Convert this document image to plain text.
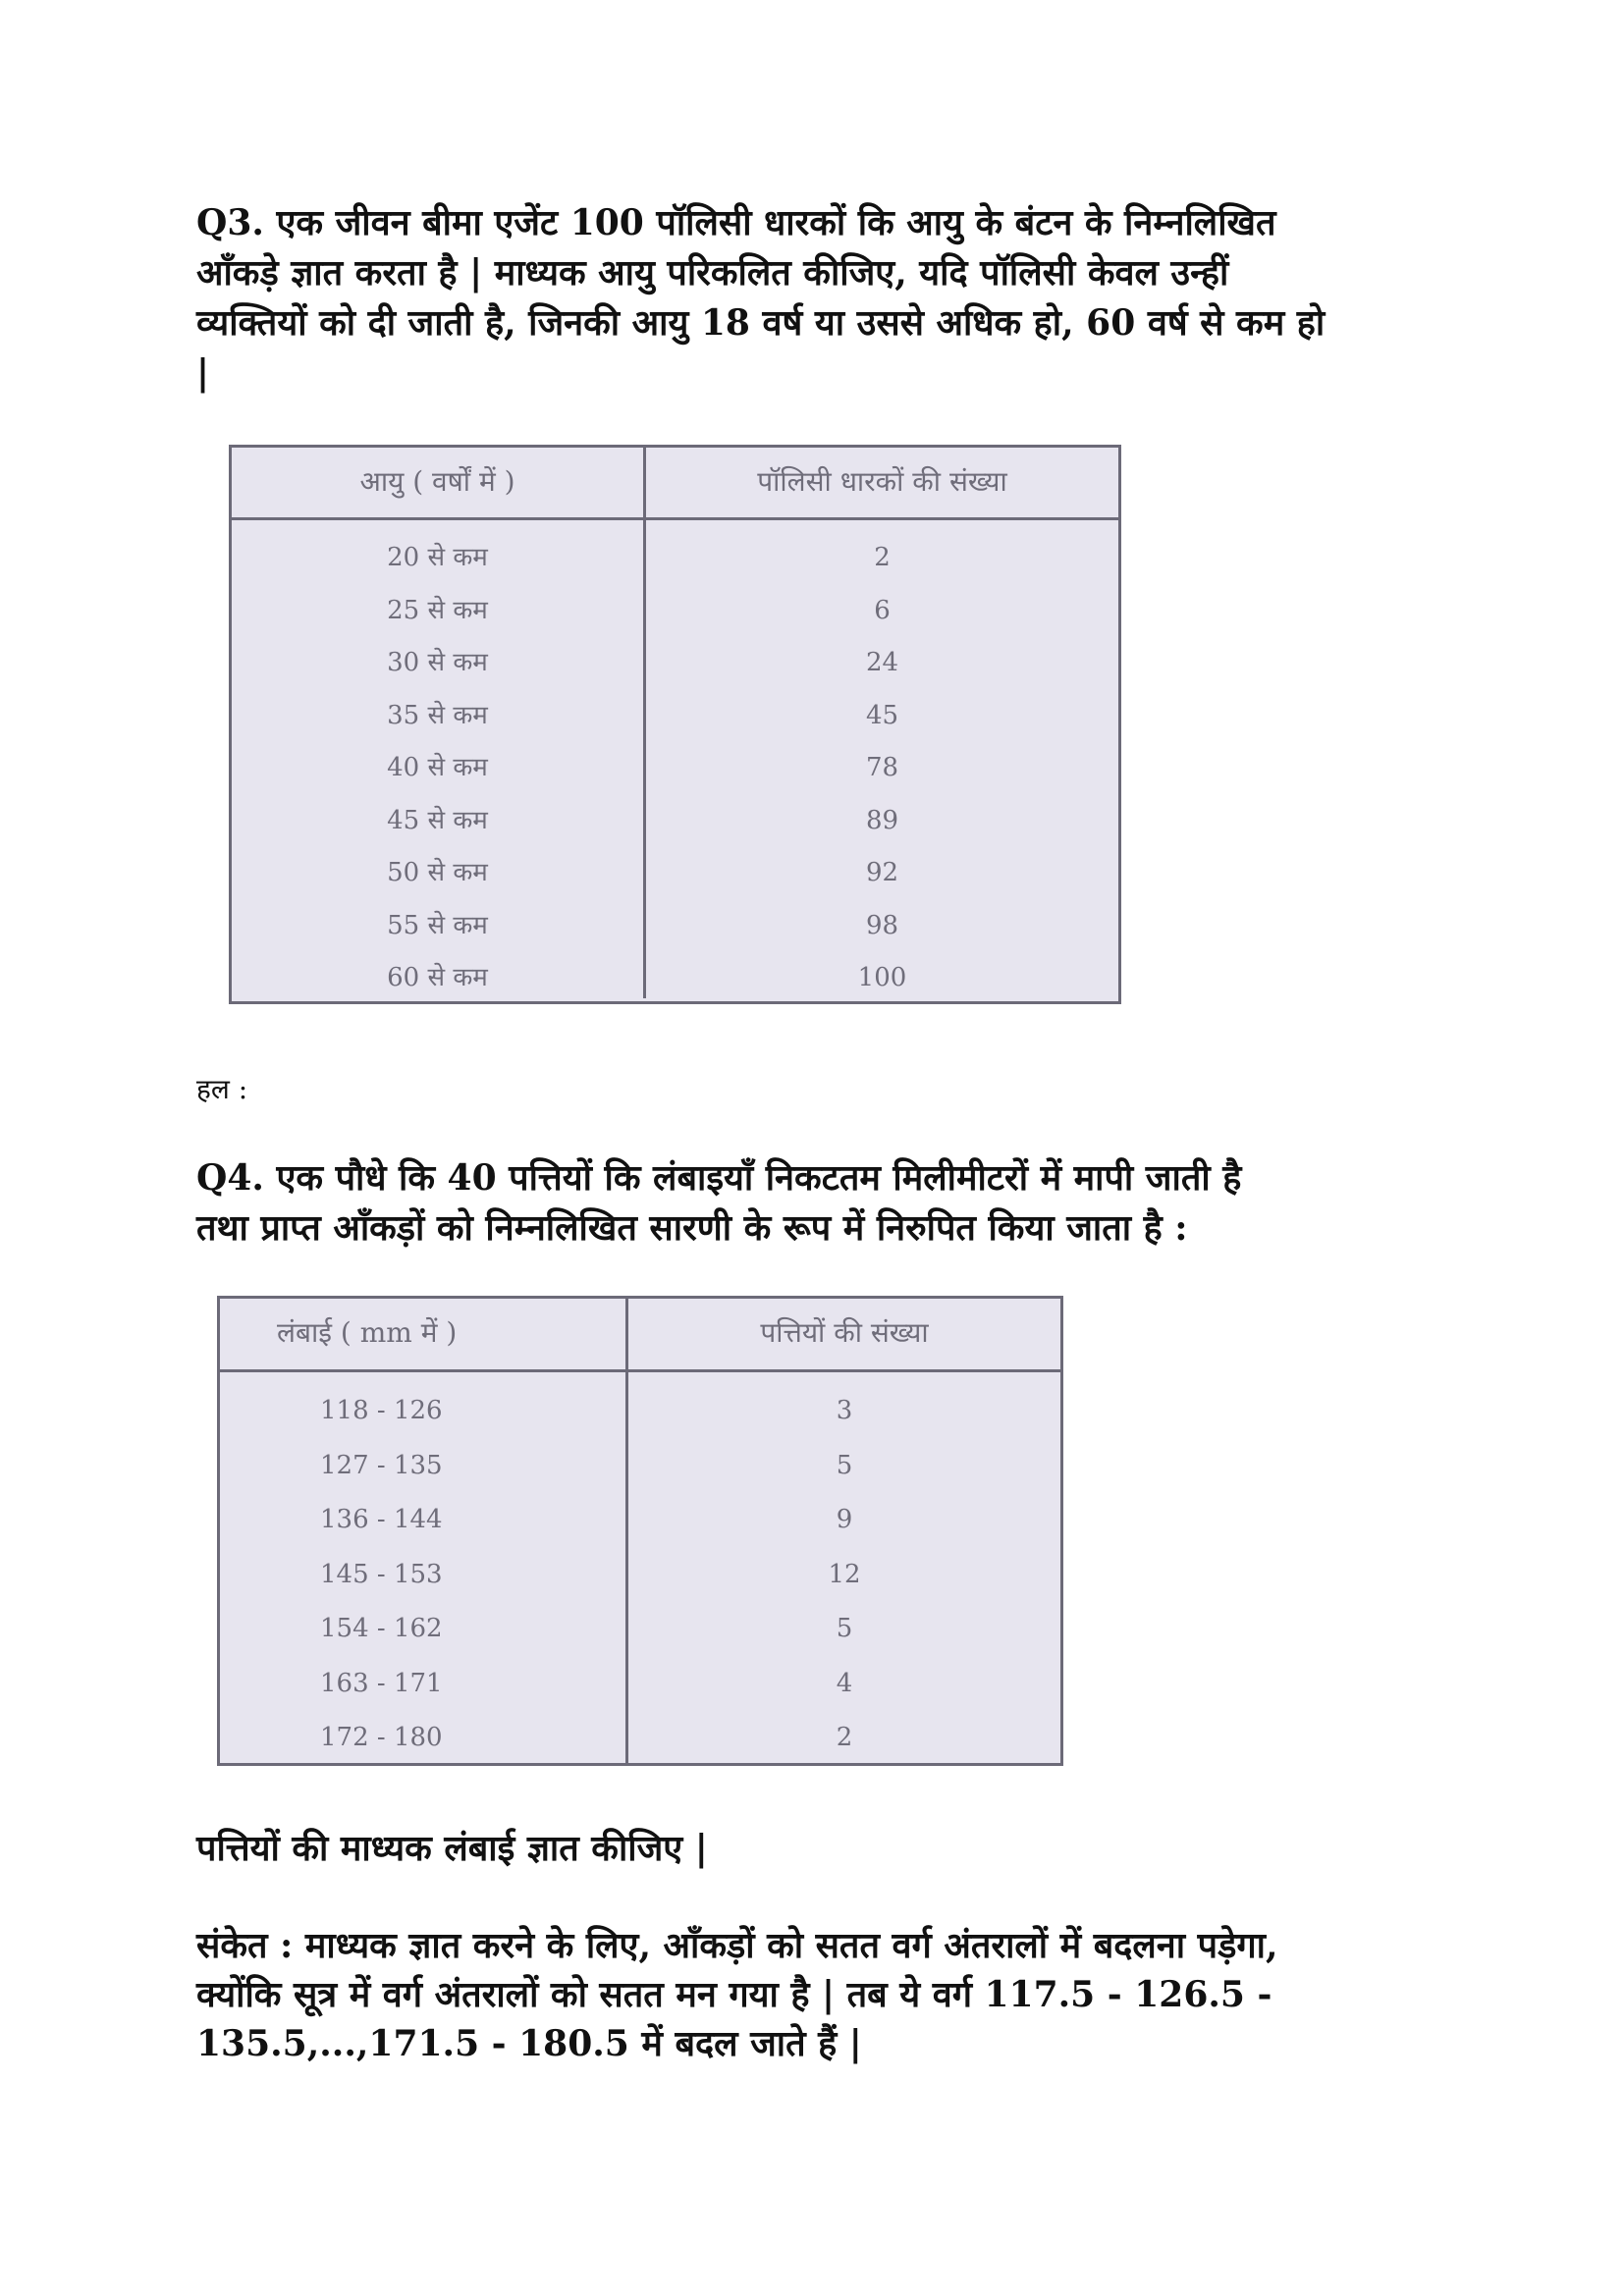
Q3. एक जीवन बीमा एजेंट 100 पॉलिसी धारकों कि आयु के बंटन के निम्नलिखित
आँकड़े ज्ञात करता है | माध्यक आयु परिकलित कीजिए, यदि पॉलिसी केवल उन्हीं
व्यक्तियों को दी जाती है, जिनकी आयु 18 वर्ष या उससे अधिक हो, 60 वर्ष से कम हो
|

आयु ( वर्षों में )	पॉलिसी धारकों की संख्या
20 से कम
25 से कम
30 से कम
35 से कम
40 से कम
45 से कम
50 से कम
55 से कम
60 से कम
2
6
24
45
78
89
92
98
100

हल :

Q4. एक पौधे कि 40 पत्तियों कि लंबाइयाँ निकटतम मिलीमीटरों में मापी जाती है
तथा प्राप्त आँकड़ों को निम्नलिखित सारणी के रूप में निरुपित किया जाता है :

लंबाई ( mm में )	पत्तियों की संख्या
118 - 126
127 - 135
136 - 144
145 - 153
154 - 162
163 - 171
172 - 180
3
5
9
12
5
4
2

पत्तियों की माध्यक लंबाई ज्ञात कीजिए |

संकेत : माध्यक ज्ञात करने के लिए, आँकड़ों को सतत वर्ग अंतरालों में बदलना पड़ेगा,
क्योंकि सूत्र में वर्ग अंतरालों को सतत मन गया है | तब ये वर्ग 117.5 - 126.5 -
135.5,...,171.5 - 180.5 में बदल जाते हैं |
